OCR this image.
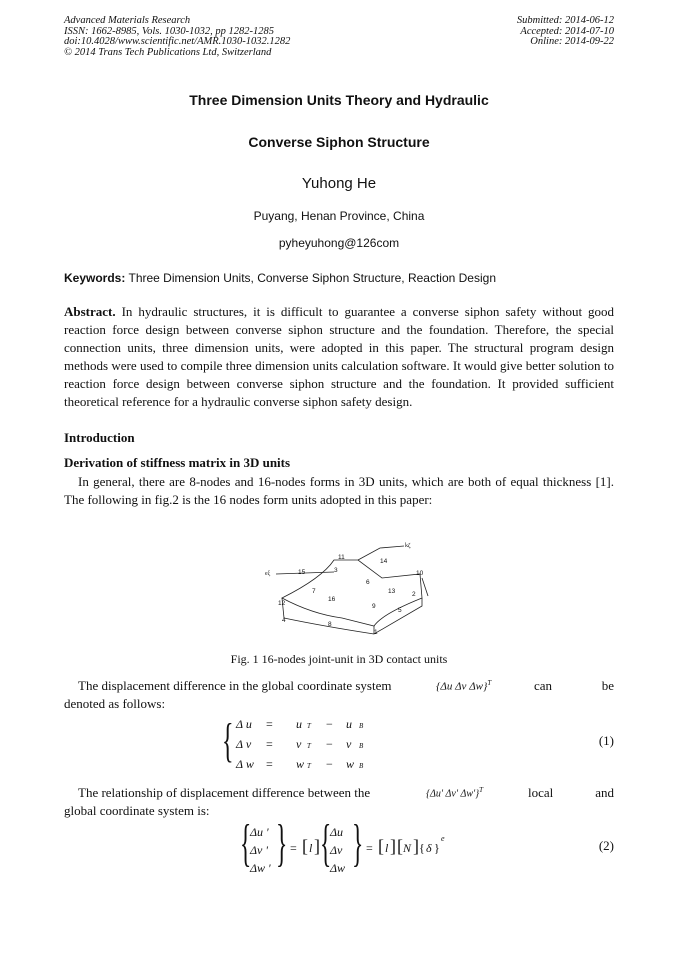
Advanced Materials Research
ISSN: 1662-8985, Vols. 1030-1032, pp 1282-1285
doi:10.4028/www.scientific.net/AMR.1030-1032.1282
© 2014 Trans Tech Publications Ltd, Switzerland
Submitted: 2014-06-12
Accepted: 2014-07-10
Online: 2014-09-22
Three Dimension Units Theory and Hydraulic
Converse Siphon Structure
Yuhong He
Puyang, Henan Province, China
pyheyuhong@126com
Keywords: Three Dimension Units, Converse Siphon Structure, Reaction Design
Abstract. In hydraulic structures, it is difficult to guarantee a converse siphon safety without good reaction force design between converse siphon structure and the foundation. Therefore, the special connection units, three dimension units, were adopted in this paper. The structural program design methods were used to compile three dimension units calculation software. It would give better solution to reaction force design between converse siphon structure and the foundation. It provided sufficient theoretical reference for a hydraulic converse siphon safety design.
Introduction
Derivation of stiffness matrix in 3D units
In general, there are 8-nodes and 16-nodes forms in 3D units, which are both of equal thickness [1]. The following in fig.2 is the 16 nodes form units adopted in this paper:
11
3
14
15
6
10
7	13	2
16
9
12
5
4
8
1
kζ
eξ
Fig. 1 16-nodes joint-unit in 3D contact units
The displacement difference in the global coordinate system	{Δu Δv Δw}$^T$	can	be
denoted as follows:
{ Δ u = u T − u B
Δ v = v T − v B
Δ w = w T − w B
(1)
The relationship of displacement difference between the	{Δu' Δv' Δw'}$^T$	local	and
global coordinate system is:
{
Δu '
Δv '
Δw ' } = [ l ] {
Δu
Δv
Δw } = [ l ] [ N ] { δ }
e	(2)
